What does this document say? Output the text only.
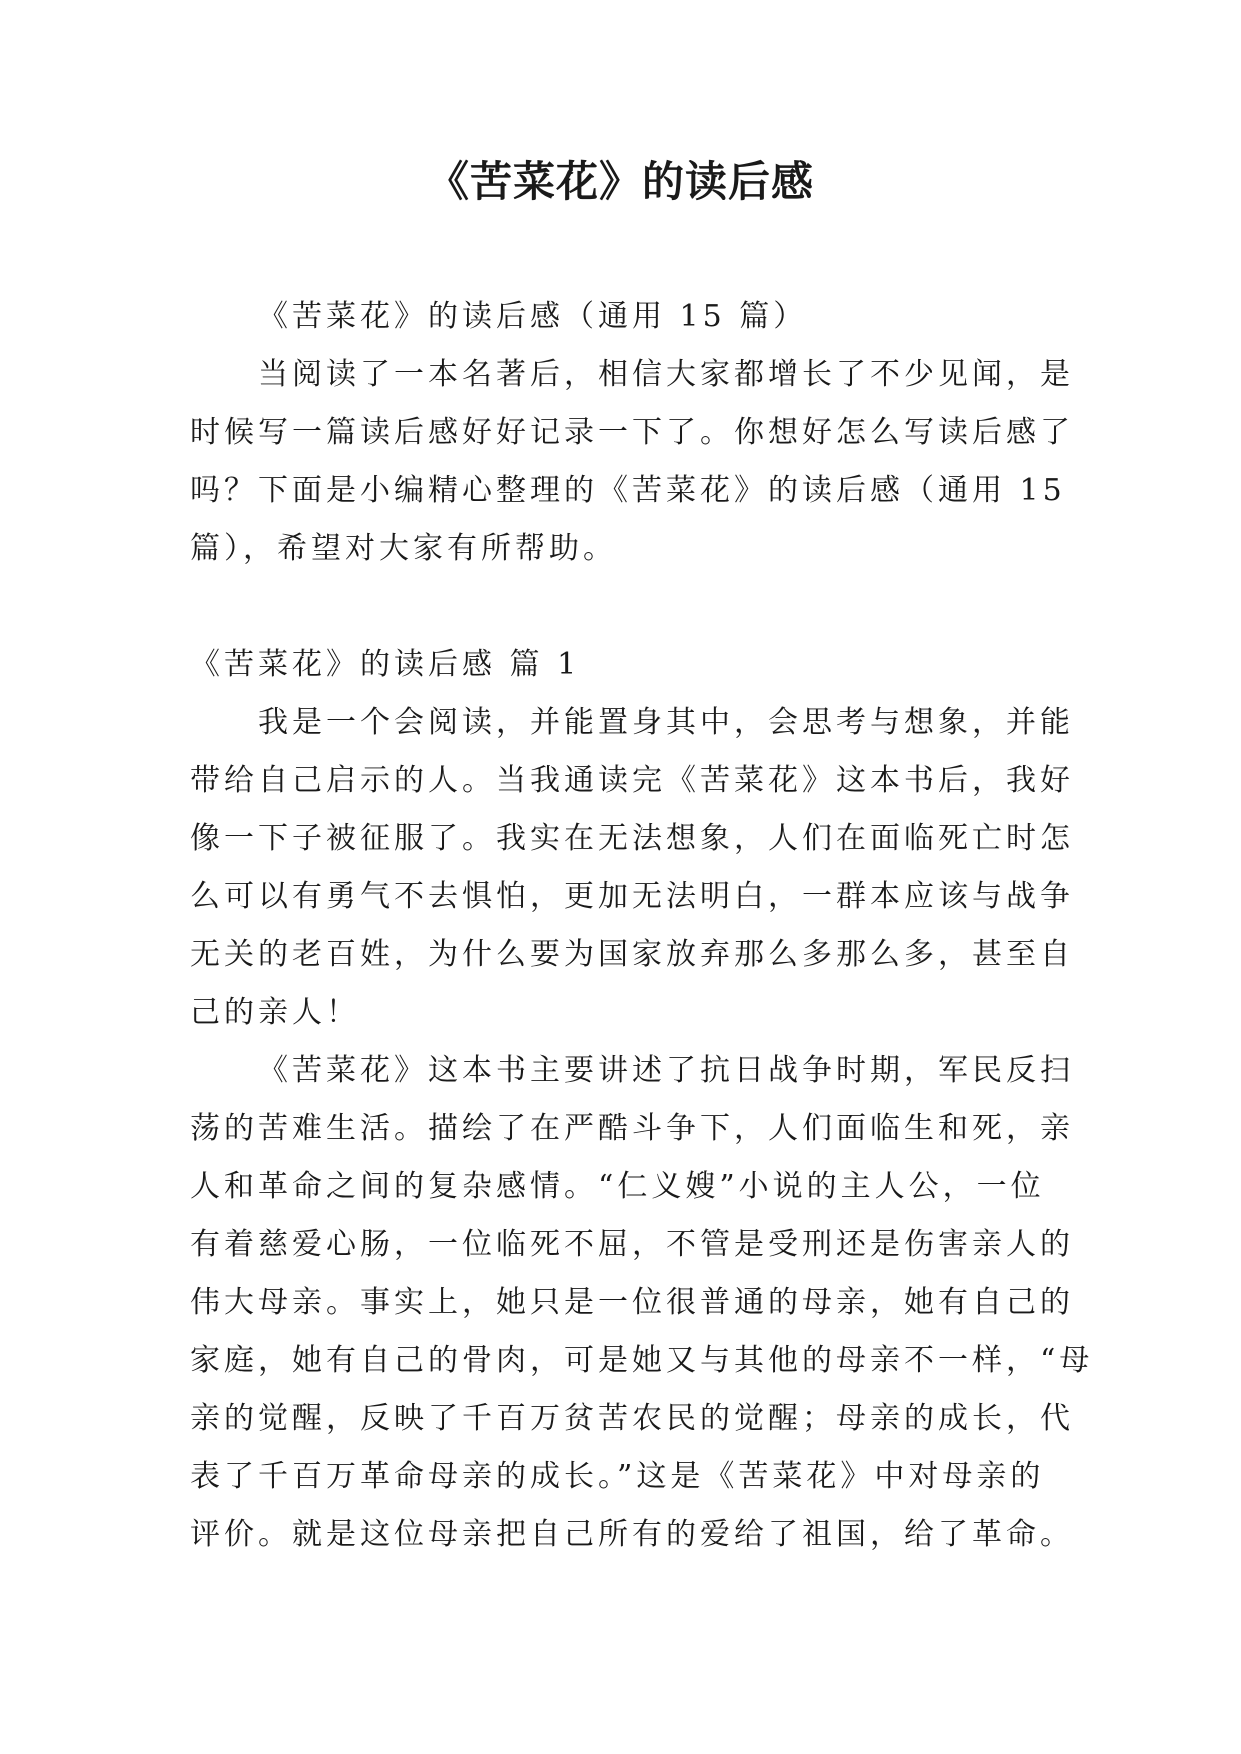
《苦菜花》的读后感

《苦菜花》的读后感（通用 15 篇）

当阅读了一本名著后，相信大家都增长了不少见闻，是

时候写一篇读后感好好记录一下了。你想好怎么写读后感了

吗？下面是小编精心整理的《苦菜花》的读后感（通用 15

篇），希望对大家有所帮助。

《苦菜花》的读后感 篇 1

我是一个会阅读，并能置身其中，会思考与想象，并能

带给自己启示的人。当我通读完《苦菜花》这本书后，我好

像一下子被征服了。我实在无法想象，人们在面临死亡时怎

么可以有勇气不去惧怕，更加无法明白，一群本应该与战争

无关的老百姓，为什么要为国家放弃那么多那么多，甚至自

己的亲人！

《苦菜花》这本书主要讲述了抗日战争时期，军民反扫

荡的苦难生活。描绘了在严酷斗争下，人们面临生和死，亲

人和革命之间的复杂感情。“仁义嫂”小说的主人公，一位

有着慈爱心肠，一位临死不屈，不管是受刑还是伤害亲人的

伟大母亲。事实上，她只是一位很普通的母亲，她有自己的

家庭，她有自己的骨肉，可是她又与其他的母亲不一样，“母

亲的觉醒，反映了千百万贫苦农民的觉醒；母亲的成长，代

表了千百万革命母亲的成长。”这是《苦菜花》中对母亲的

评价。就是这位母亲把自己所有的爱给了祖国，给了革命。
